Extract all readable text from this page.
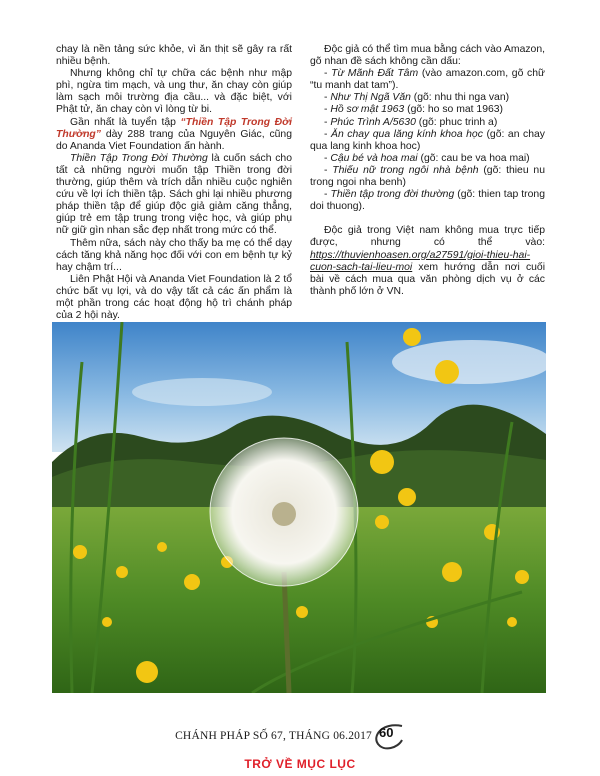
chay là nền tảng sức khỏe, vì ăn thịt sẽ gây ra rất nhiều bệnh.

Nhưng không chỉ tự chữa các bệnh như mập phì, ngừa tim mạch, và ung thư, ăn chay còn giúp làm sạch môi trường địa cầu... và đặc biệt, với Phật tử, ăn chay còn vì lòng từ bi.

Gần nhất là tuyển tập “Thiền Tập Trong Đời Thường” dày 288 trang của Nguyên Giác, cũng do Ananda Viet Foundation ấn hành.

Thiền Tập Trong Đời Thường là cuốn sách cho tất cả những người muốn tập Thiền trong đời thường, giúp thêm và trích dẫn nhiều cuộc nghiên cứu về lợi ích thiền tập. Sách ghi lại nhiều phương pháp thiền tập để giúp độc giả giảm căng thẳng, giúp trẻ em tập trung trong việc học, và giúp phụ nữ giữ gìn nhan sắc đẹp nhất trong mức có thể.

Thêm nữa, sách này cho thấy ba mẹ có thể dạy cách tăng khả năng học đối với con em bệnh tự kỷ hay chậm trí...

Liên Phật Hội và Ananda Viet Foundation là 2 tổ chức bất vụ lợi, và do vậy tất cả các ấn phẩm là một phần trong các hoạt động hộ trì chánh pháp của 2 hội này.

Độc giả có thể tìm mua bằng cách vào Amazon, gõ nhan đề sách không cần dấu:

- Từ Mãnh Đất Tâm (vào amazon.com, gõ chữ “tu manh dat tam”).

- Như Thị Ngã Văn (gõ: nhu thi nga van)

- Hồ sơ mật 1963 (gõ: ho so mat 1963)

- Phúc Trình A/5630 (gõ: phuc trinh a)

- Ăn chay qua lăng kính khoa học (gõ: an chay qua lang kinh khoa hoc)

- Cậu bé và hoa mai (gõ: cau be va hoa mai)

- Thiếu nữ trong ngôi nhà bệnh (gõ: thieu nu trong ngoi nha benh)

- Thiền tập trong đời thường (gõ: thien tap trong doi thuong).

Độc giả trong Việt nam không mua trực tiếp được, nhưng có thể vào: https://thuvienhoasen.org/a27591/gioi-thieu-hai-cuon-sach-tai-lieu-moi xem hướng dẫn nơi cuối bài về cách mua qua văn phòng dịch vụ ở các thành phố lớn ở VN.

CHÁNH PHÁP SỐ 67, THÁNG 06.2017 60
TRỞ VỀ MỤC LỤC
